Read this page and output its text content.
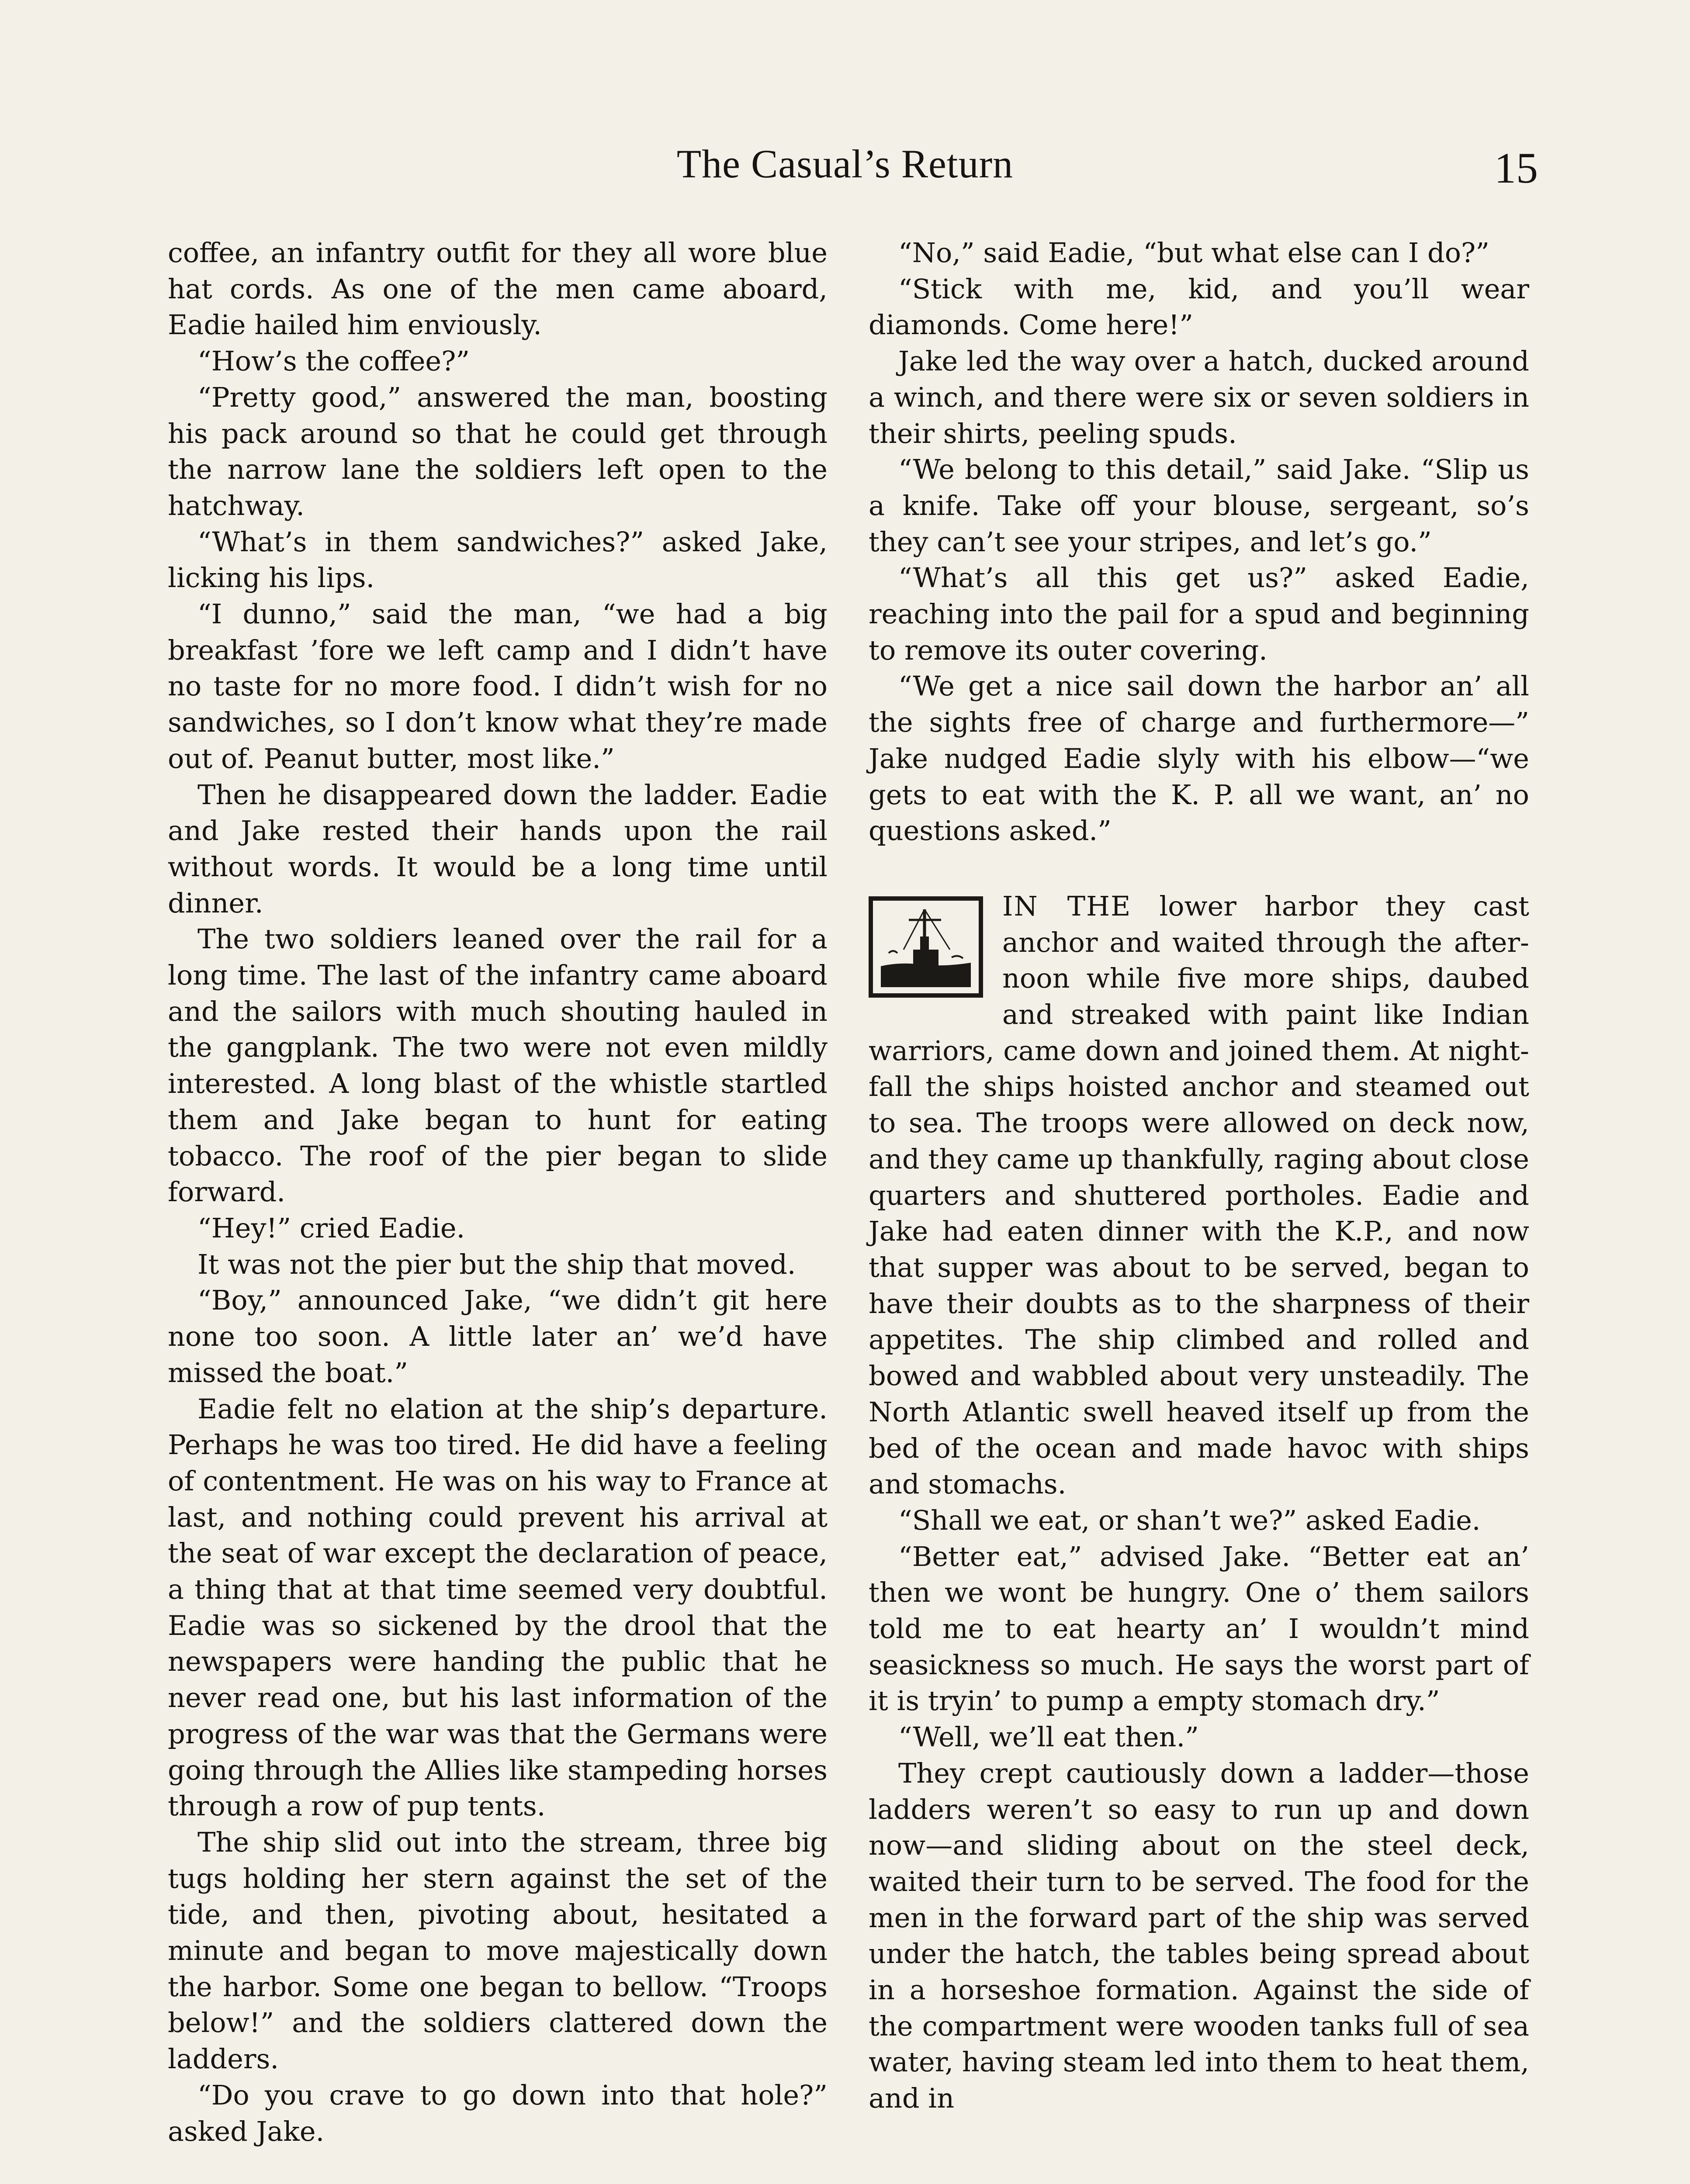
The Casual’s Return	15

coffee, an infantry outfit for they all wore blue hat cords. As one of the men came aboard, Eadie hailed him enviously.

“How’s the coffee?”

“Pretty good,” answered the man, boosting his pack around so that he could get through the narrow lane the soldiers left open to the hatchway.

“What’s in them sandwiches?” asked Jake, licking his lips.

“I dunno,” said the man, “we had a big breakfast ’fore we left camp and I didn’t have no taste for no more food. I didn’t wish for no sandwiches, so I don’t know what they’re made out of. Peanut butter, most like.”

Then he disappeared down the ladder. Eadie and Jake rested their hands upon the rail without words. It would be a long time until dinner.

The two soldiers leaned over the rail for a long time. The last of the infantry came aboard and the sailors with much shouting hauled in the gangplank. The two were not even mildly interested. A long blast of the whistle startled them and Jake began to hunt for eating tobacco. The roof of the pier began to slide forward.

“Hey!” cried Eadie.

It was not the pier but the ship that moved.

“Boy,” announced Jake, “we didn’t git here none too soon. A little later an’ we’d have missed the boat.”

Eadie felt no elation at the ship’s departure. Perhaps he was too tired. He did have a feeling of contentment. He was on his way to France at last, and nothing could prevent his arrival at the seat of war except the declaration of peace, a thing that at that time seemed very doubtful. Eadie was so sickened by the drool that the newspapers were handing the public that he never read one, but his last information of the progress of the war was that the Germans were going through the Allies like stampeding horses through a row of pup tents.

The ship slid out into the stream, three big tugs holding her stern against the set of the tide, and then, pivoting about, hesitated a minute and began to move majestically down the harbor. Some one began to bellow. “Troops below!” and the soldiers clattered down the ladders.

“Do you crave to go down into that hole?” asked Jake.

“No,” said Eadie, “but what else can I do?”

“Stick with me, kid, and you’ll wear diamonds. Come here!”

Jake led the way over a hatch, ducked around a winch, and there were six or seven soldiers in their shirts, peeling spuds.

“We belong to this detail,” said Jake. “Slip us a knife. Take off your blouse, sergeant, so’s they can’t see your stripes, and let’s go.”

“What’s all this get us?” asked Eadie, reaching into the pail for a spud and beginning to remove its outer covering.

“We get a nice sail down the harbor an’ all the sights free of charge and furthermore—” Jake nudged Eadie slyly with his elbow—“we gets to eat with the K. P. all we want, an’ no questions asked.”

IN THE lower harbor they cast anchor and waited through the afternoon while five more ships, daubed and streaked with paint like Indian warriors, came down and joined them. At nightfall the ships hoisted anchor and steamed out to sea. The troops were allowed on deck now, and they came up thankfully, raging about close quarters and shuttered portholes. Eadie and Jake had eaten dinner with the K.P., and now that supper was about to be served, began to have their doubts as to the sharpness of their appetites. The ship climbed and rolled and bowed and wabbled about very unsteadily. The North Atlantic swell heaved itself up from the bed of the ocean and made havoc with ships and stomachs.

“Shall we eat, or shan’t we?” asked Eadie.

“Better eat,” advised Jake. “Better eat an’ then we wont be hungry. One o’ them sailors told me to eat hearty an’ I wouldn’t mind seasickness so much. He says the worst part of it is tryin’ to pump a empty stomach dry.”

“Well, we’ll eat then.”

They crept cautiously down a ladder—those ladders weren’t so easy to run up and down now—and sliding about on the steel deck, waited their turn to be served. The food for the men in the forward part of the ship was served under the hatch, the tables being spread about in a horseshoe formation. Against the side of the compartment were wooden tanks full of sea water, having steam led into them to heat them, and in
